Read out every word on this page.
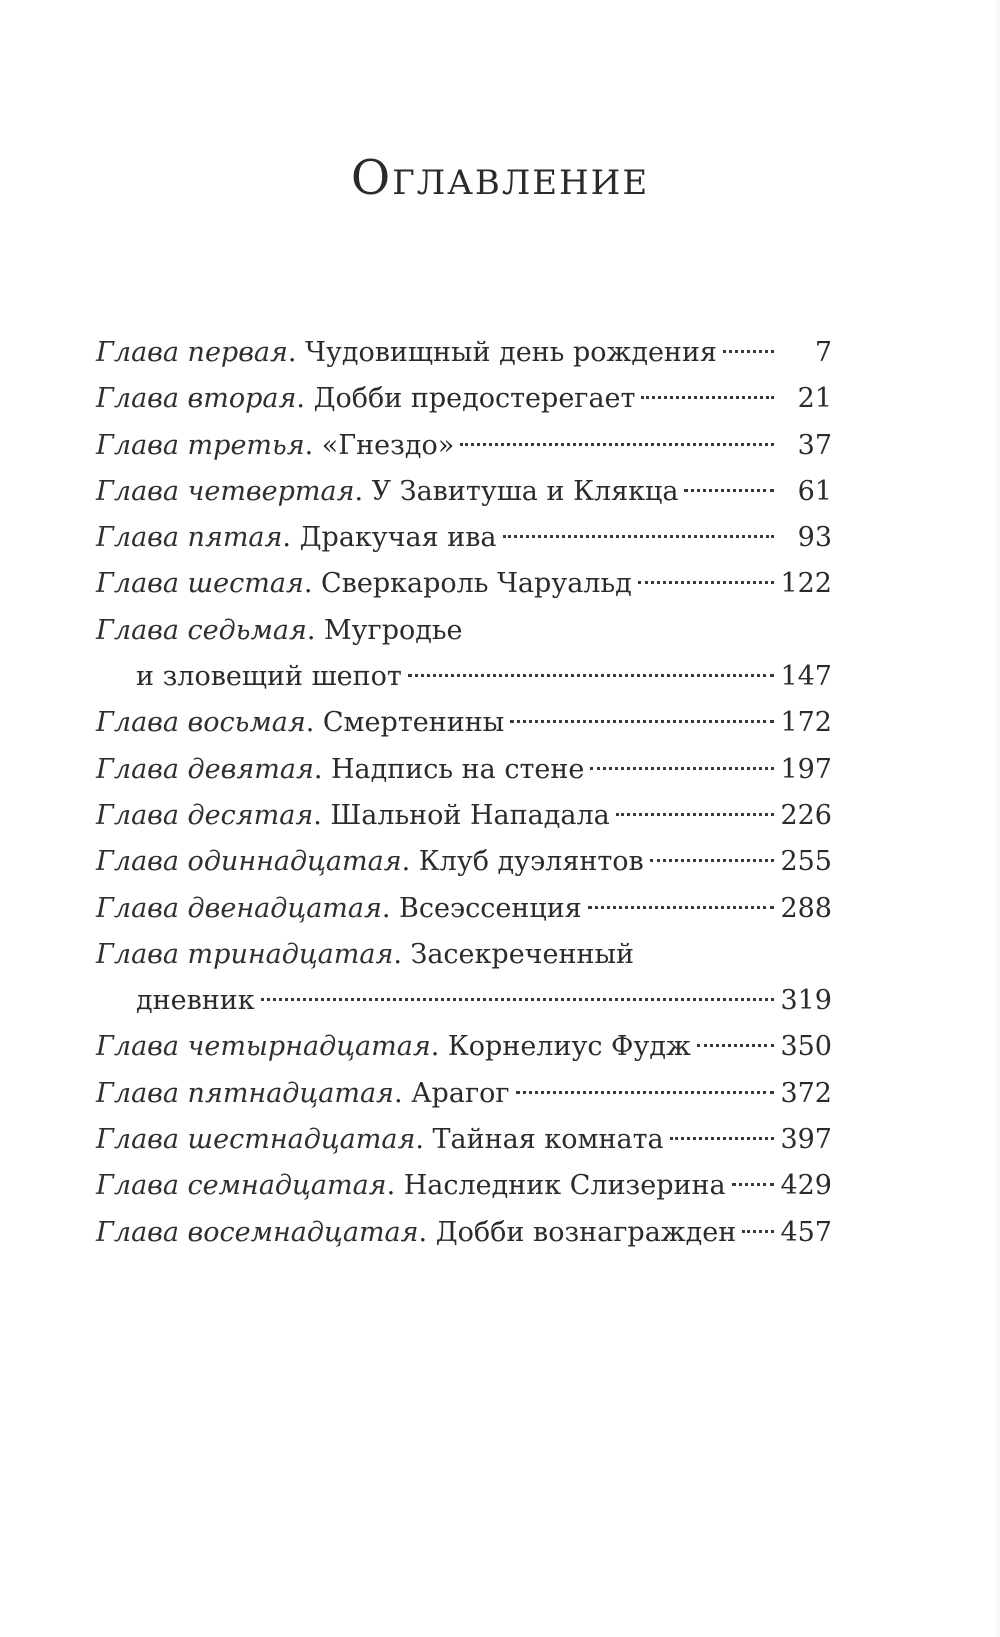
Оглавление
Глава первая . Чудовищный день рождения	7
Глава вторая . Добби предостерегает	21
Глава третья . «Гнездо»	37
Глава четвертая . У Завитуша и Клякца	61
Глава пятая . Дракучая ива	93
Глава шестая . Сверкароль Чаруальд	122
Глава седьмая . Мугродье
и зловещий шепот	147
Глава восьмая . Смертенины	172
Глава девятая . Надпись на стене	197
Глава десятая . Шальной Нападала	226
Глава одиннадцатая . Клуб дуэлянтов	255
Глава двенадцатая . Всеэссенция	288
Глава тринадцатая . Засекреченный
дневник	319
Глава четырнадцатая . Корнелиус Фудж	350
Глава пятнадцатая . Арагог	372
Глава шестнадцатая . Тайная комната	397
Глава семнадцатая . Наследник Слизерина 429
Глава восемнадцатая . Добби вознагражден 457
